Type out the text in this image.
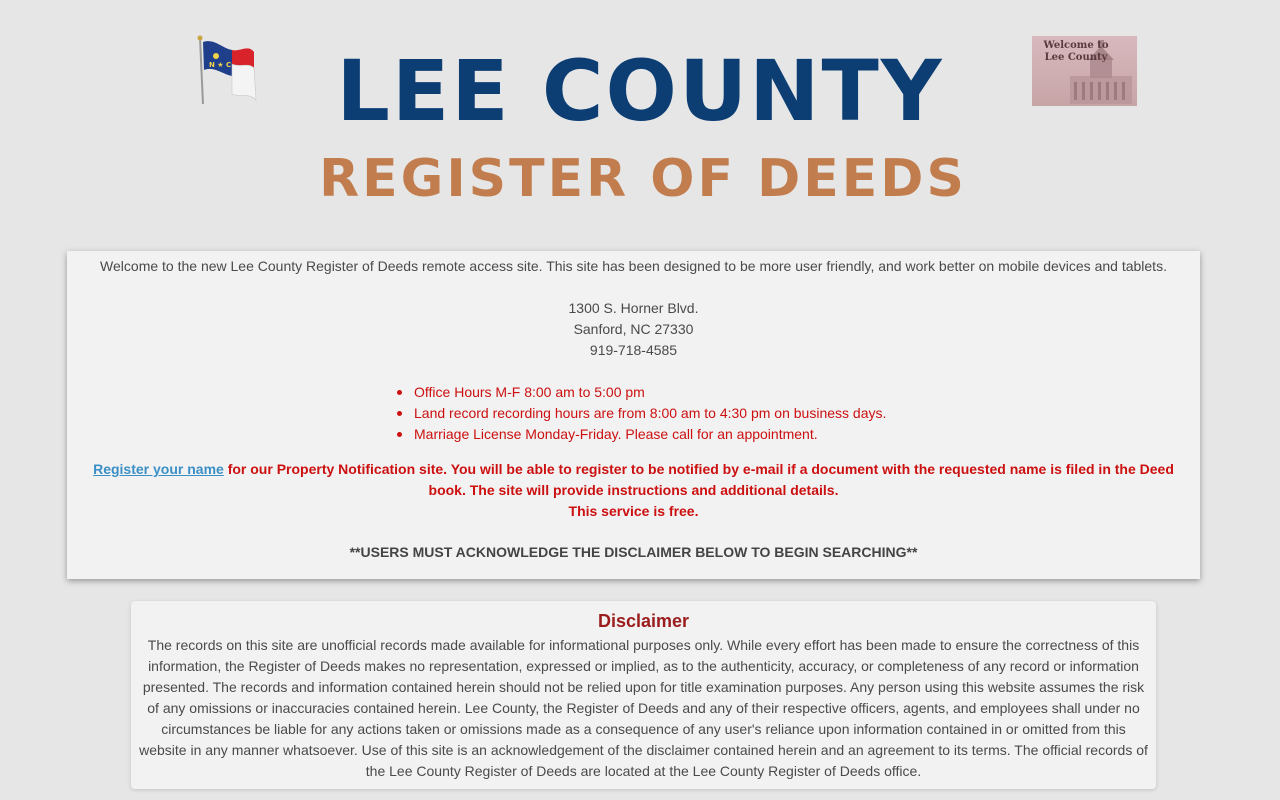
N ★ C	LEE COUNTY
REGISTER OF DEEDS
Welcome to
Lee County
Welcome to the new Lee County Register of Deeds remote access site. This site has been designed to be more user friendly, and work better on mobile devices and tablets.
1300 S. Horner Blvd.
Sanford, NC 27330
919-718-4585
Office Hours M-F 8:00 am to 5:00 pm
Land record recording hours are from 8:00 am to 4:30 pm on business days.
Marriage License Monday-Friday. Please call for an appointment.
Register your name for our Property Notification site. You will be able to register to be notified by e-mail if a document with the requested name is filed in the Deed book. The site will provide instructions and additional details.
This service is free.
**USERS MUST ACKNOWLEDGE THE DISCLAIMER BELOW TO BEGIN SEARCHING**
Disclaimer
The records on this site are unofficial records made available for informational purposes only. While every effort has been made to ensure the correctness of this information, the Register of Deeds makes no representation, expressed or implied, as to the authenticity, accuracy, or completeness of any record or information presented. The records and information contained herein should not be relied upon for title examination purposes. Any person using this website assumes the risk of any omissions or inaccuracies contained herein. Lee County, the Register of Deeds and any of their respective officers, agents, and employees shall under no circumstances be liable for any actions taken or omissions made as a consequence of any user's reliance upon information contained in or omitted from this website in any manner whatsoever. Use of this site is an acknowledgement of the disclaimer contained herein and an agreement to its terms. The official records of the Lee County Register of Deeds are located at the Lee County Register of Deeds office.
